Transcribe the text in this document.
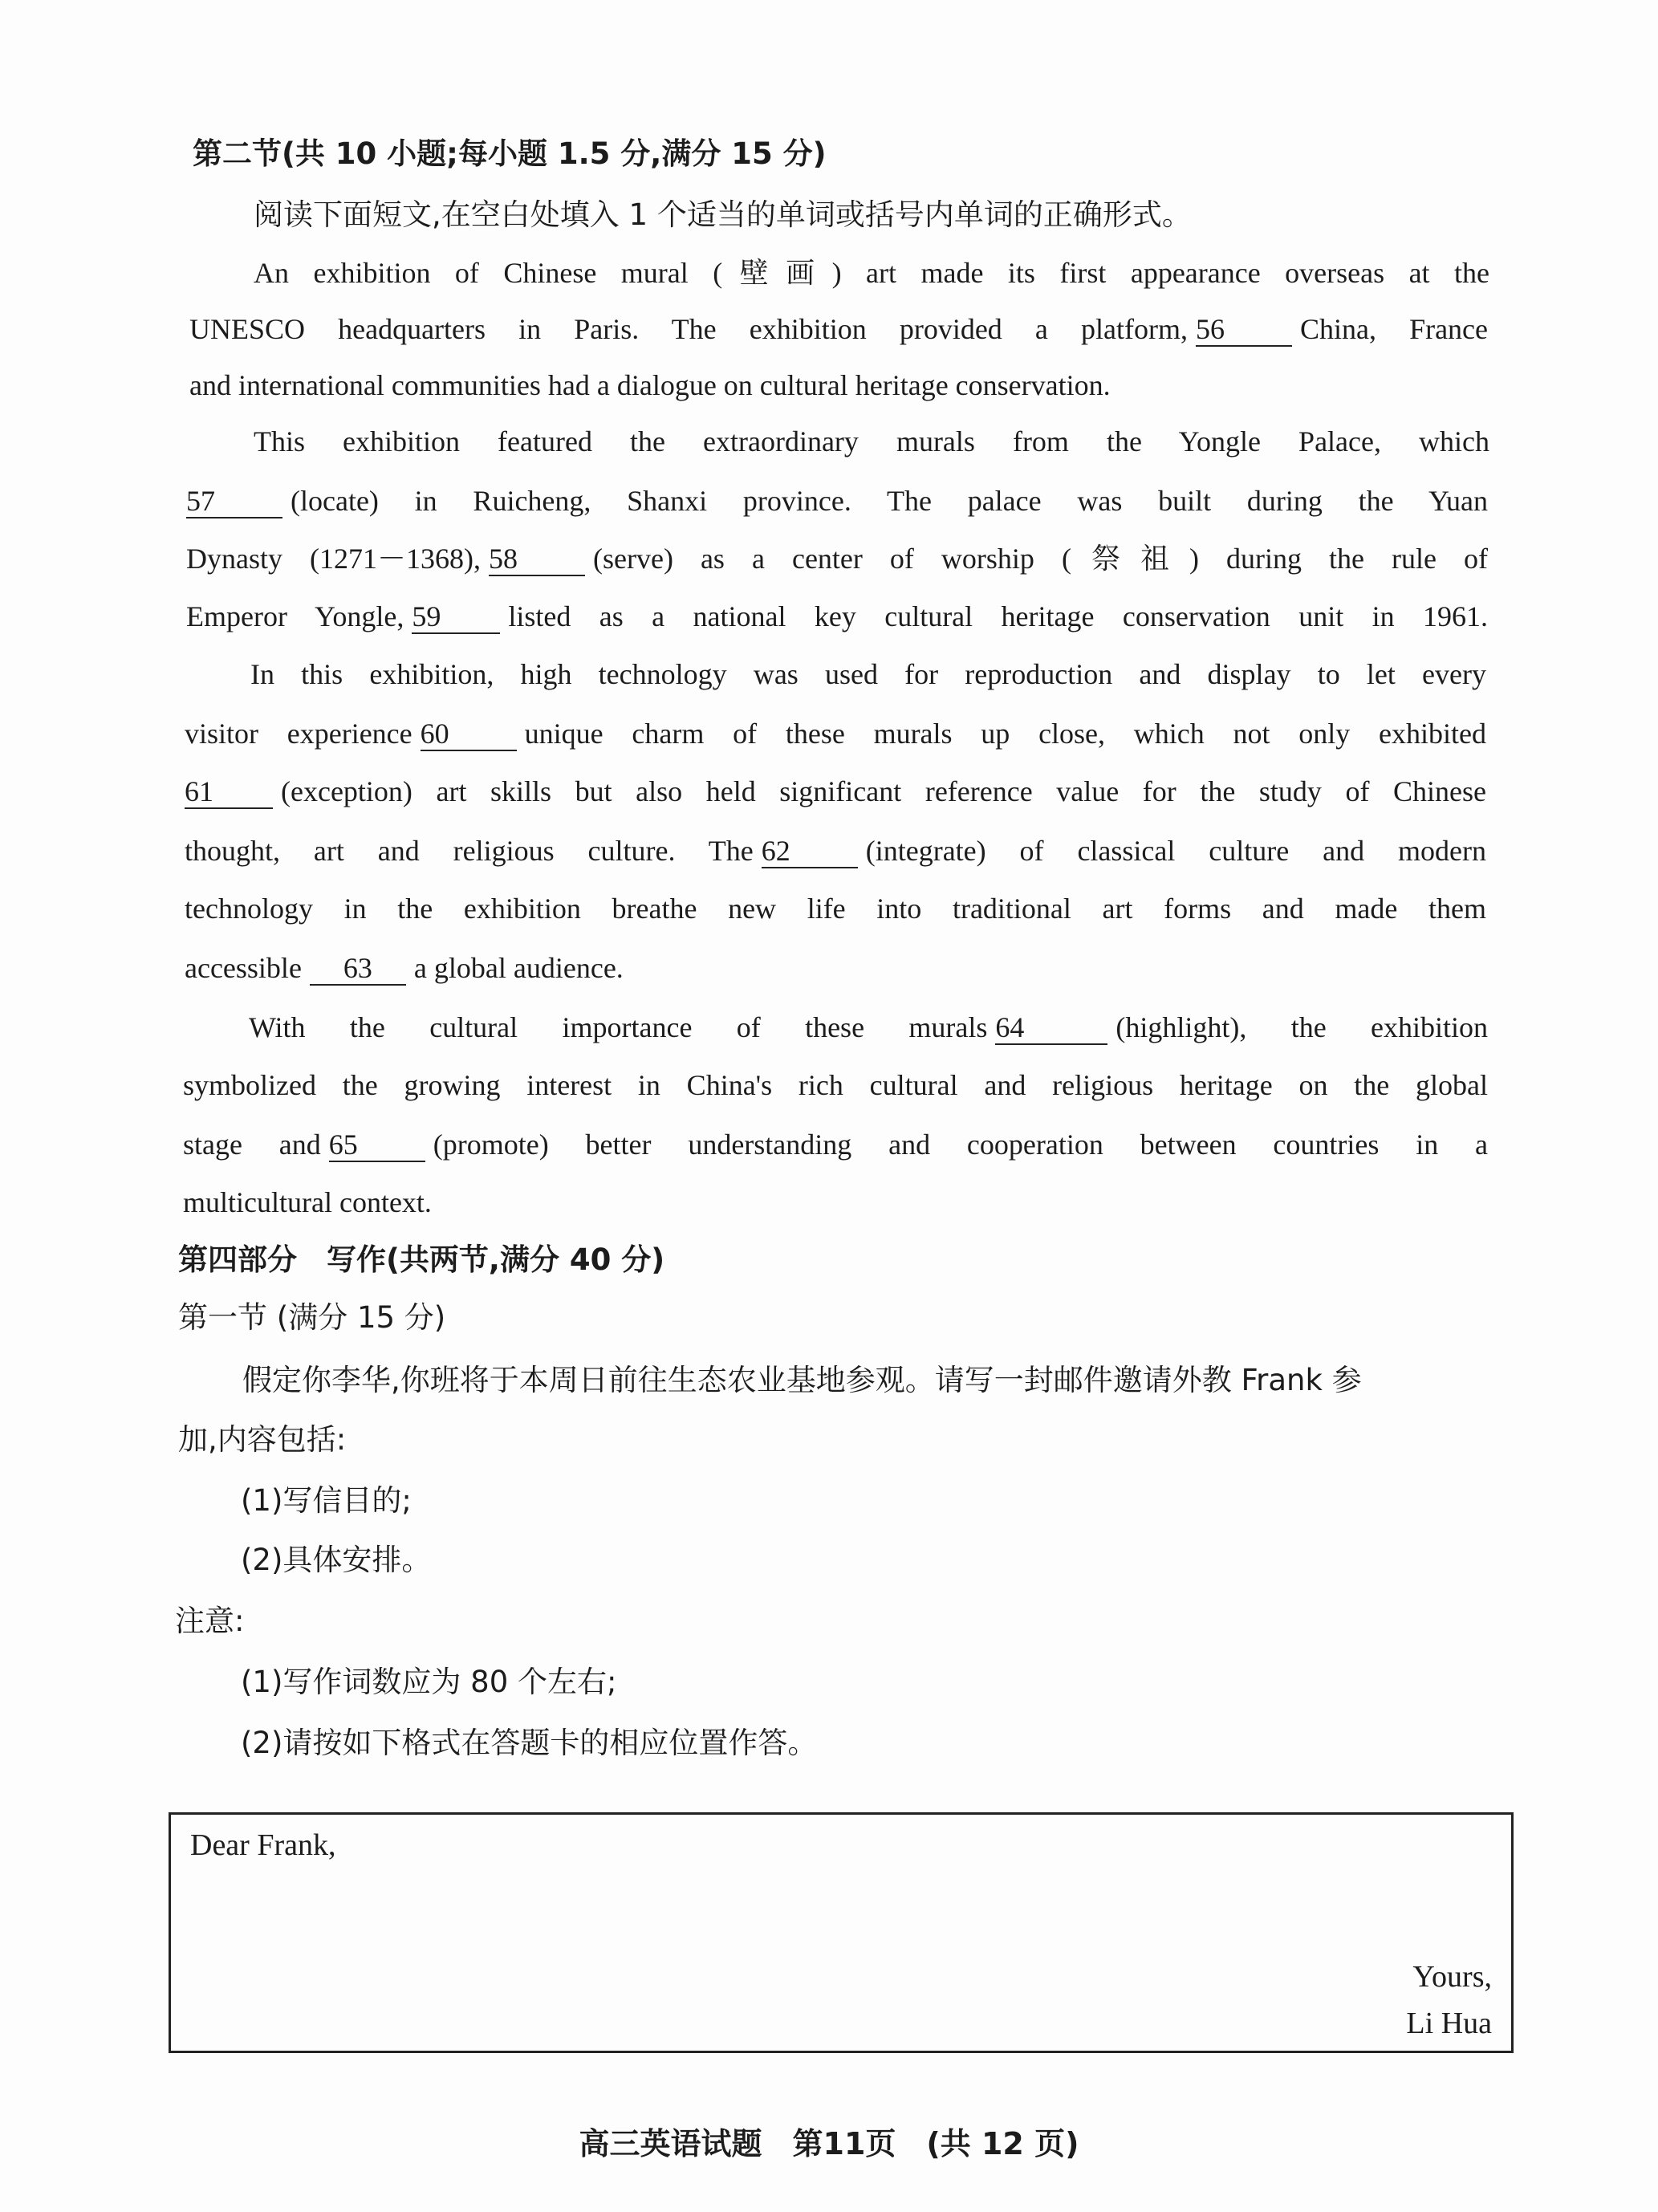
第二节(共 10 小题;每小题 1.5 分,满分 15 分)
阅读下面短文,在空白处填入 1 个适当的单词或括号内单词的正确形式。
An exhibition of Chinese mural (壁画) art made its first appearance overseas at the
UNESCO headquarters in Paris. The exhibition provided a platform, 56	China, France
and international communities had a dialogue on cultural heritage conservation.
This exhibition featured the extraordinary murals from the Yongle Palace, which
57	(locate) in Ruicheng, Shanxi province. The palace was built during the Yuan
Dynasty (1271－1368), 58	(serve) as a center of worship (祭祖) during the rule of
Emperor Yongle, 59 listed as a national key cultural heritage conservation unit in 1961.
In this exhibition, high technology was used for reproduction and display to let every
visitor experience 60	unique charm of these murals up close, which not only exhibited
61 (exception) art skills but also held significant reference value for the study of Chinese
thought, art and religious culture. The 62	(integrate) of classical culture and modern
technology in the exhibition breathe new life into traditional art forms and made them
accessible 63 a global audience.
With the cultural importance of these murals 64	(highlight), the exhibition
symbolized the growing interest in China's rich cultural and religious heritage on the global
stage and 65	(promote) better understanding and cooperation between countries in a
multicultural context.
第四部分　写作(共两节,满分 40 分)
第一节 (满分 15 分)
假定你李华,你班将于本周日前往生态农业基地参观。请写一封邮件邀请外教 Frank 参
加,内容包括:
(1)写信目的;
(2)具体安排。
注意:
(1)写作词数应为 80 个左右;
(2)请按如下格式在答题卡的相应位置作答。
Dear Frank,
Yours,
Li Hua
高三英语试题　第11页　(共 12 页)
